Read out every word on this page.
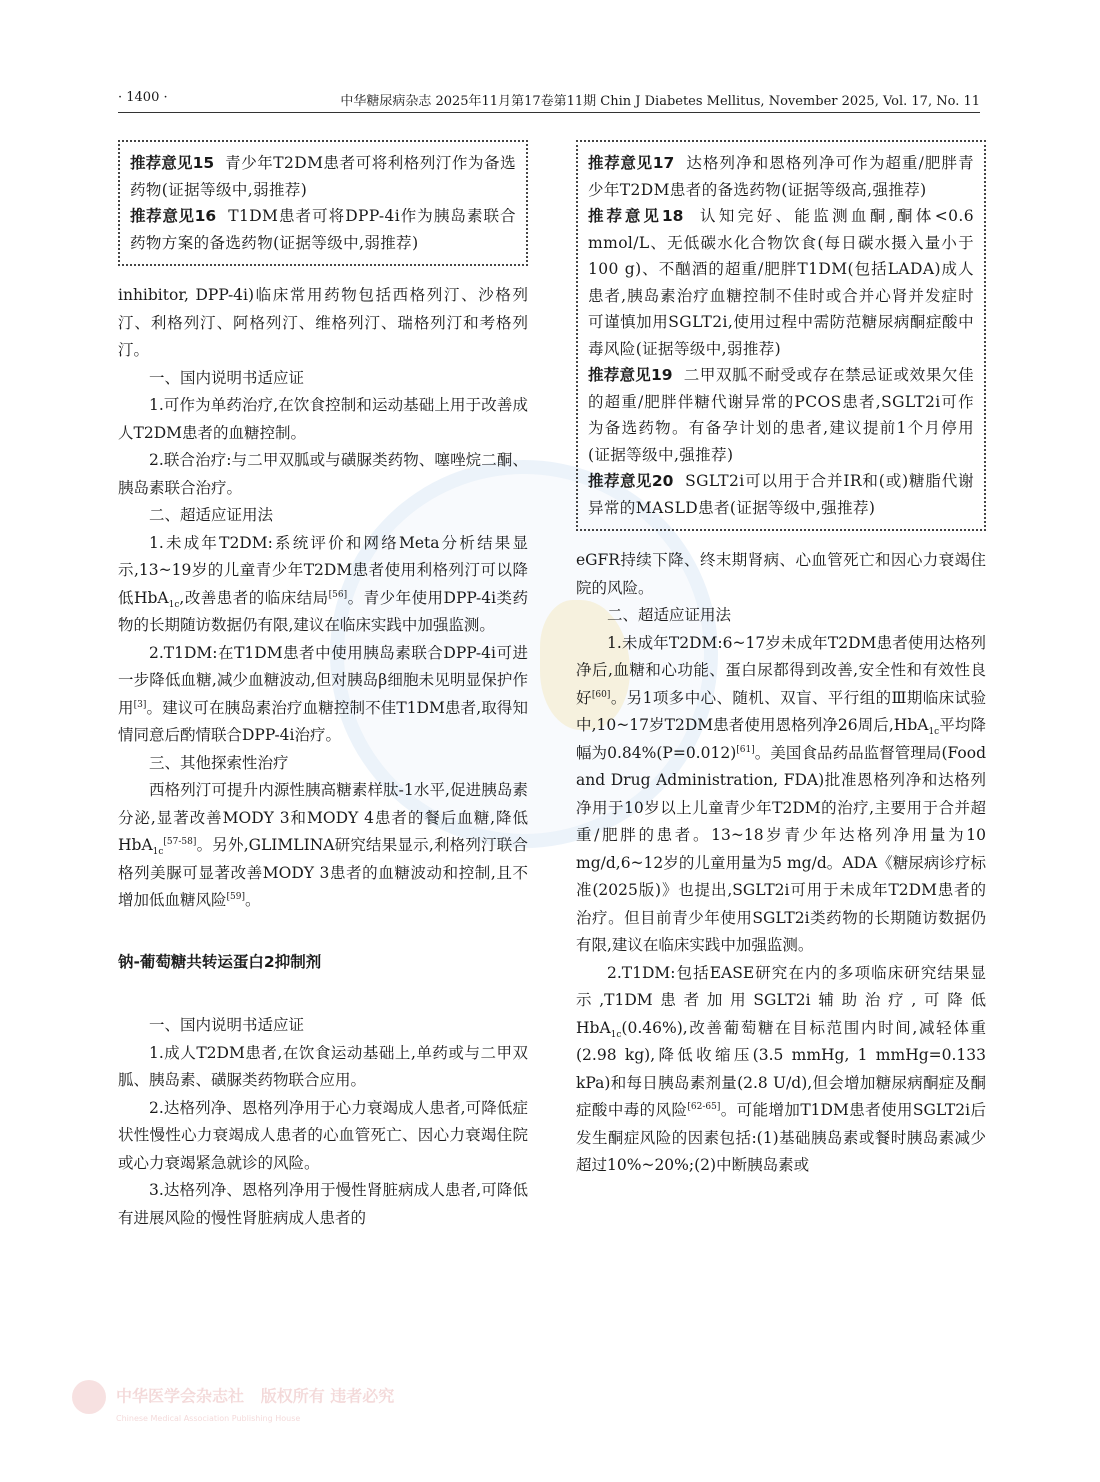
· 1400 ·	中华糖尿病杂志 2025年11月第17卷第11期 Chin J Diabetes Mellitus, November 2025, Vol. 17, No. 11

推荐意见15 青少年T2DM患者可将利格列汀作为备选药物(证据等级中,弱推荐)

推荐意见16 T1DM患者可将DPP-4i作为胰岛素联合药物方案的备选药物(证据等级中,弱推荐)

inhibitor, DPP-4i)临床常用药物包括西格列汀、沙格列汀、利格列汀、阿格列汀、维格列汀、瑞格列汀和考格列汀。

一、国内说明书适应证

1.可作为单药治疗,在饮食控制和运动基础上用于改善成人T2DM患者的血糖控制。

2.联合治疗:与二甲双胍或与磺脲类药物、噻唑烷二酮、胰岛素联合治疗。

二、超适应证用法

1.未成年T2DM:系统评价和网络Meta分析结果显示,13~19岁的儿童青少年T2DM患者使用利格列汀可以降低HbA$_{1c}$,改善患者的临床结局[56]。青少年使用DPP-4i类药物的长期随访数据仍有限,建议在临床实践中加强监测。

2.T1DM:在T1DM患者中使用胰岛素联合DPP-4i可进一步降低血糖,减少血糖波动,但对胰岛β细胞未见明显保护作用[3]。建议可在胰岛素治疗血糖控制不佳T1DM患者,取得知情同意后酌情联合DPP-4i治疗。

三、其他探索性治疗

西格列汀可提升内源性胰高糖素样肽-1水平,促进胰岛素分泌,显著改善MODY 3和MODY 4患者的餐后血糖,降低HbA$_{1c}$[57-58]。另外,GLIMLINA研究结果显示,利格列汀联合格列美脲可显著改善MODY 3患者的血糖波动和控制,且不增加低血糖风险[59]。

钠-葡萄糖共转运蛋白2抑制剂

一、国内说明书适应证

1.成人T2DM患者,在饮食运动基础上,单药或与二甲双胍、胰岛素、磺脲类药物联合应用。

2.达格列净、恩格列净用于心力衰竭成人患者,可降低症状性慢性心力衰竭成人患者的心血管死亡、因心力衰竭住院或心力衰竭紧急就诊的风险。

3.达格列净、恩格列净用于慢性肾脏病成人患者,可降低有进展风险的慢性肾脏病成人患者的

推荐意见17 达格列净和恩格列净可作为超重/肥胖青少年T2DM患者的备选药物(证据等级高,强推荐)

推荐意见18 认知完好、能监测血酮,酮体<0.6 mmol/L、无低碳水化合物饮食(每日碳水摄入量小于100 g)、不酗酒的超重/肥胖T1DM(包括LADA)成人患者,胰岛素治疗血糖控制不佳时或合并心肾并发症时可谨慎加用SGLT2i,使用过程中需防范糖尿病酮症酸中毒风险(证据等级中,弱推荐)

推荐意见19 二甲双胍不耐受或存在禁忌证或效果欠佳的超重/肥胖伴糖代谢异常的PCOS患者,SGLT2i可作为备选药物。有备孕计划的患者,建议提前1个月停用(证据等级中,强推荐)

推荐意见20 SGLT2i可以用于合并IR和(或)糖脂代谢异常的MASLD患者(证据等级中,强推荐)

eGFR持续下降、终末期肾病、心血管死亡和因心力衰竭住院的风险。

二、超适应证用法

1.未成年T2DM:6~17岁未成年T2DM患者使用达格列净后,血糖和心功能、蛋白尿都得到改善,安全性和有效性良好[60]。另1项多中心、随机、双盲、平行组的Ⅲ期临床试验中,10~17岁T2DM患者使用恩格列净26周后,HbA$_{1c}$平均降幅为0.84%(P=0.012)[61]。美国食品药品监督管理局(Food and Drug Administration, FDA)批准恩格列净和达格列净用于10岁以上儿童青少年T2DM的治疗,主要用于合并超重/肥胖的患者。13~18岁青少年达格列净用量为10 mg/d,6~12岁的儿童用量为5 mg/d。ADA《糖尿病诊疗标准(2025版)》也提出,SGLT2i可用于未成年T2DM患者的治疗。但目前青少年使用SGLT2i类药物的长期随访数据仍有限,建议在临床实践中加强监测。

2.T1DM:包括EASE研究在内的多项临床研究结果显示,T1DM患者加用SGLT2i辅助治疗,可降低HbA$_{1c}$(0.46%),改善葡萄糖在目标范围内时间,减轻体重(2.98 kg),降低收缩压(3.5 mmHg, 1 mmHg=0.133 kPa)和每日胰岛素剂量(2.8 U/d),但会增加糖尿病酮症及酮症酸中毒的风险[62-65]。可能增加T1DM患者使用SGLT2i后发生酮症风险的因素包括:(1)基础胰岛素或餐时胰岛素减少超过10%~20%;(2)中断胰岛素或

中华医学会杂志社 版权所有 违者必究
Chinese Medical Association Publishing House
